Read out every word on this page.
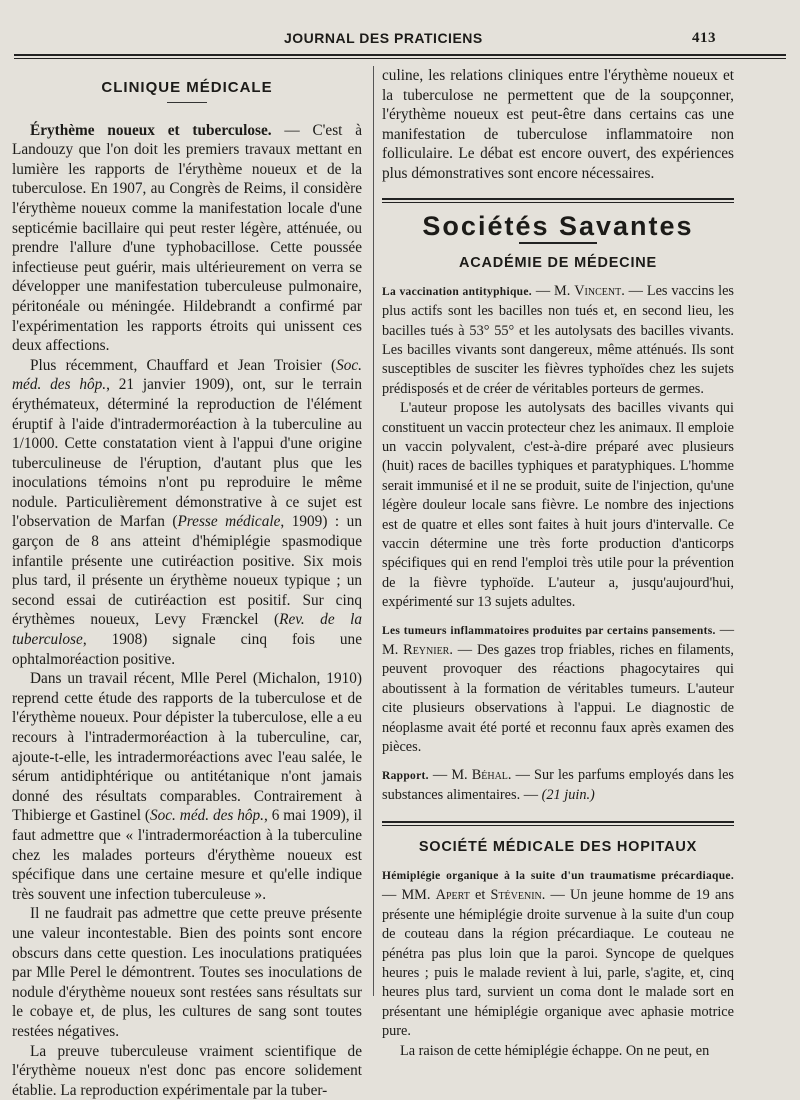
JOURNAL DES PRATICIENS	413
CLINIQUE MÉDICALE

Érythème noueux et tuberculose. — C'est à Landouzy que l'on doit les premiers travaux mettant en lumière les rapports de l'érythème noueux et de la tuberculose. En 1907, au Congrès de Reims, il considère l'érythème noueux comme la manifestation locale d'une septicémie bacillaire qui peut rester légère, atténuée, ou prendre l'allure d'une typhobacillose. Cette poussée infectieuse peut guérir, mais ultérieurement on verra se développer une manifestation tuberculeuse pulmonaire, péritonéale ou méningée. Hildebrandt a confirmé par l'expérimentation les rapports étroits qui unissent ces deux affections.

Plus récemment, Chauffard et Jean Troisier (Soc. méd. des hôp., 21 janvier 1909), ont, sur le terrain érythémateux, déterminé la reproduction de l'élément éruptif à l'aide d'intradermoréaction à la tuberculine au 1/1000. Cette constatation vient à l'appui d'une origine tuberculineuse de l'éruption, d'autant plus que les inoculations témoins n'ont pu reproduire le même nodule. Particulièrement démonstrative à ce sujet est l'observation de Marfan (Presse médicale, 1909) : un garçon de 8 ans atteint d'hémiplégie spasmodique infantile présente une cutiréaction positive. Six mois plus tard, il présente un érythème noueux typique ; un second essai de cutiréaction est positif. Sur cinq érythèmes noueux, Levy Frænckel (Rev. de la tuberculose, 1908) signale cinq fois une ophtalmoréaction positive.

Dans un travail récent, Mlle Perel (Michalon, 1910) reprend cette étude des rapports de la tuberculose et de l'érythème noueux. Pour dépister la tuberculose, elle a eu recours à l'intradermoréaction à la tuberculine, car, ajoute-t-elle, les intradermoréactions avec l'eau salée, le sérum antidiphtérique ou antitétanique n'ont jamais donné des résultats comparables. Contrairement à Thibierge et Gastinel (Soc. méd. des hôp., 6 mai 1909), il faut admettre que « l'intradermoréaction à la tuberculine chez les malades porteurs d'érythème noueux est spécifique dans une certaine mesure et qu'elle indique très souvent une infection tuberculeuse ».

Il ne faudrait pas admettre que cette preuve présente une valeur incontestable. Bien des points sont encore obscurs dans cette question. Les inoculations pratiquées par Mlle Perel le démontrent. Toutes ses inoculations de nodule d'érythème noueux sont restées sans résultats sur le cobaye et, de plus, les cultures de sang sont toutes restées négatives.

La preuve tuberculeuse vraiment scientifique de l'érythème noueux n'est donc pas encore solidement établie. La reproduction expérimentale par la tuber-

culine, les relations cliniques entre l'érythème noueux et la tuberculose ne permettent que de la soupçonner, l'érythème noueux est peut-être dans certains cas une manifestation de tuberculose inflammatoire non folliculaire. Le débat est encore ouvert, des expériences plus démonstratives sont encore nécessaires.

Sociétés Savantes
ACADÉMIE DE MÉDECINE

La vaccination antityphique. — M. Vincent. — Les vaccins les plus actifs sont les bacilles non tués et, en second lieu, les bacilles tués à 53° 55° et les autolysats des bacilles vivants. Les bacilles vivants sont dangereux, même atténués. Ils sont susceptibles de susciter les fièvres typhoïdes chez les sujets prédisposés et de créer de véritables porteurs de germes.

L'auteur propose les autolysats des bacilles vivants qui constituent un vaccin protecteur chez les animaux. Il emploie un vaccin polyvalent, c'est-à-dire préparé avec plusieurs (huit) races de bacilles typhiques et paratyphiques. L'homme serait immunisé et il ne se produit, suite de l'injection, qu'une légère douleur locale sans fièvre. Le nombre des injections est de quatre et elles sont faites à huit jours d'intervalle. Ce vaccin détermine une très forte production d'anticorps spécifiques qui en rend l'emploi très utile pour la prévention de la fièvre typhoïde. L'auteur a, jusqu'aujourd'hui, expérimenté sur 13 sujets adultes.

Les tumeurs inflammatoires produites par certains pansements. — M. Reynier. — Des gazes trop friables, riches en filaments, peuvent provoquer des réactions phagocytaires qui aboutissent à la formation de véritables tumeurs. L'auteur cite plusieurs observations à l'appui. Le diagnostic de néoplasme avait été porté et reconnu faux après examen des pièces.

Rapport. — M. Béhal. — Sur les parfums employés dans les substances alimentaires. — (21 juin.)

SOCIÉTÉ MÉDICALE DES HOPITAUX

Hémiplégie organique à la suite d'un traumatisme précardiaque. — MM. Apert et Stévenin. — Un jeune homme de 19 ans présente une hémiplégie droite survenue à la suite d'un coup de couteau dans la région précardiaque. Le couteau ne pénétra pas plus loin que la paroi. Syncope de quelques heures ; puis le malade revient à lui, parle, s'agite, et, cinq heures plus tard, survient un coma dont le malade sort en présentant une hémiplégie organique avec aphasie motrice pure.

La raison de cette hémiplégie échappe. On ne peut, en
